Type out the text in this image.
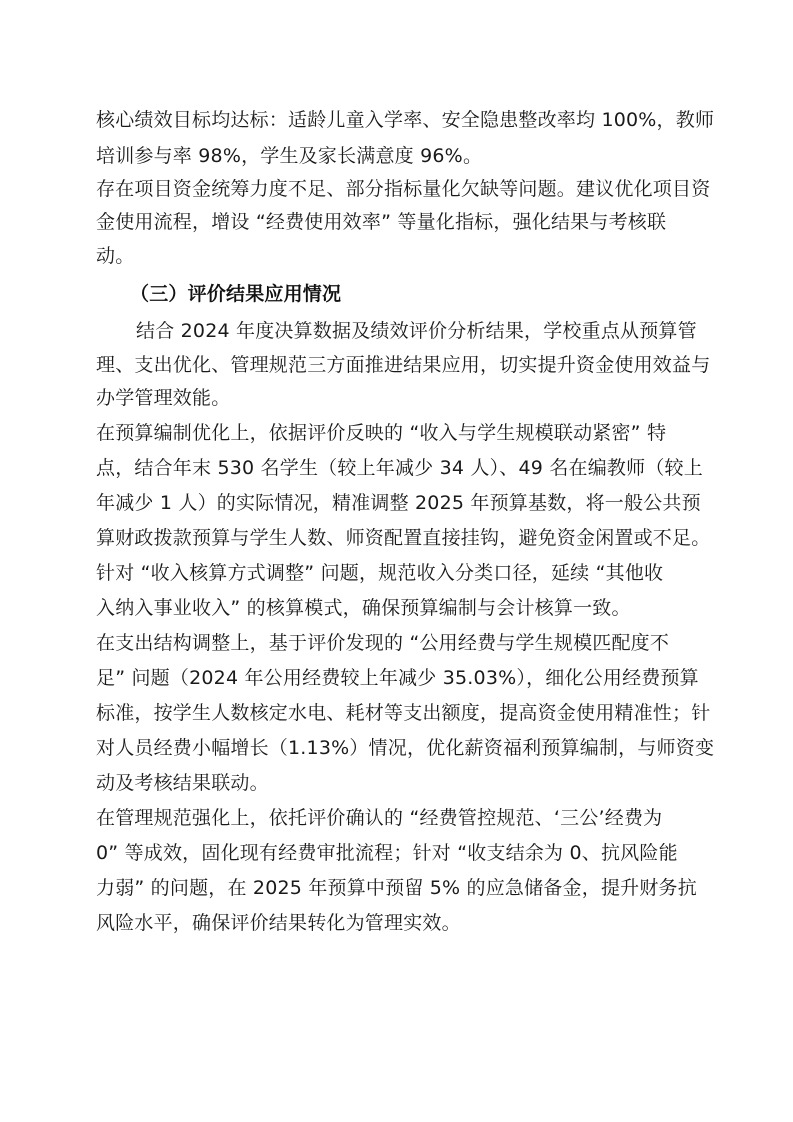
核心绩效目标均达标：适龄儿童入学率、安全隐患整改率均 100%，教师
培训参与率 98%，学生及家长满意度 96%。
存在项目资金统筹力度不足、部分指标量化欠缺等问题。建议优化项目资
金使用流程，增设 “经费使用效率” 等量化指标，强化结果与考核联
动。
（三）评价结果应用情况
结合 2024 年度决算数据及绩效评价分析结果，学校重点从预算管
理、支出优化、管理规范三方面推进结果应用，切实提升资金使用效益与
办学管理效能。
在预算编制优化上，依据评价反映的 “收入与学生规模联动紧密” 特
点，结合年末 530 名学生（较上年减少 34 人）、49 名在编教师（较上
年减少 1 人）的实际情况，精准调整 2025 年预算基数，将一般公共预
算财政拨款预算与学生人数、师资配置直接挂钩，避免资金闲置或不足。
针对 “收入核算方式调整” 问题，规范收入分类口径，延续 “其他收
入纳入事业收入” 的核算模式，确保预算编制与会计核算一致。
在支出结构调整上，基于评价发现的 “公用经费与学生规模匹配度不
足” 问题（2024 年公用经费较上年减少 35.03%），细化公用经费预算
标准，按学生人数核定水电、耗材等支出额度，提高资金使用精准性；针
对人员经费小幅增长（1.13%）情况，优化薪资福利预算编制，与师资变
动及考核结果联动。
在管理规范强化上，依托评价确认的 “经费管控规范、‘三公’经费为
0” 等成效，固化现有经费审批流程；针对 “收支结余为 0、抗风险能
力弱” 的问题，在 2025 年预算中预留 5% 的应急储备金，提升财务抗
风险水平，确保评价结果转化为管理实效。
